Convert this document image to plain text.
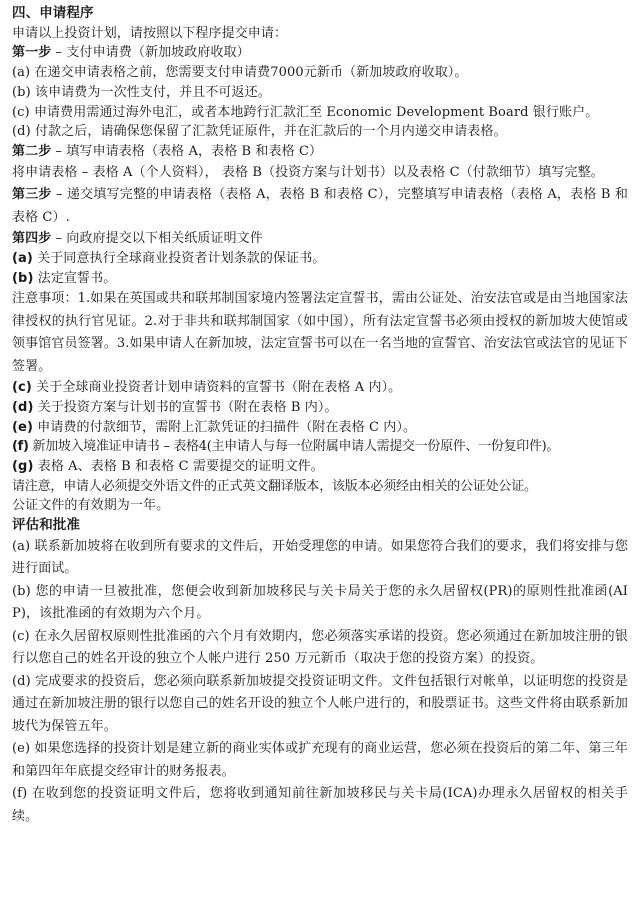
四、申请程序
申请以上投资计划，请按照以下程序提交申请：
第一步 – 支付申请费（新加坡政府收取）
(a) 在递交申请表格之前，您需要支付申请费7000元新币（新加坡政府收取）。
(b) 该申请费为一次性支付，并且不可返还。
(c) 申请费用需通过海外电汇，或者本地跨行汇款汇至 Economic Development Board 银行账户。
(d) 付款之后，请确保您保留了汇款凭证原件，并在汇款后的一个月内递交申请表格。
第二步 – 填写申请表格（表格 A，表格 B 和表格 C）
将申请表格 – 表格 A（个人资料）， 表格 B（投资方案与计划书）以及表格 C（付款细节）填写完整。
第三步 – 递交填写完整的申请表格（表格 A，表格 B 和表格 C），完整填写申请表格（表格 A，表格 B 和表格 C）.
第四步 – 向政府提交以下相关纸质证明文件
(a) 关于同意执行全球商业投资者计划条款的保证书。
(b) 法定宣誓书。
注意事项：1.如果在英国或共和联邦制国家境内签署法定宣誓书，需由公证处、治安法官或是由当地国家法律授权的执行官见证。2.对于非共和联邦制国家（如中国），所有法定宣誓书必须由授权的新加坡大使馆或领事馆官员签署。3.如果申请人在新加坡，法定宣誓书可以在一名当地的宣誓官、治安法官或法官的见证下签署。
(c) 关于全球商业投资者计划申请资料的宣誓书（附在表格 A 内）。
(d) 关于投资方案与计划书的宣誓书（附在表格 B 内）。
(e) 申请费的付款细节，需附上汇款凭证的扫描件（附在表格 C 内）。
(f) 新加坡入境准证申请书 – 表格4(主申请人与每一位附属申请人需提交一份原件、一份复印件)。
(g) 表格 A、表格 B 和表格 C 需要提交的证明文件。
请注意，申请人必须提交外语文件的正式英文翻译版本，该版本必须经由相关的公证处公证。
公证文件的有效期为一年。
评估和批准
(a) 联系新加坡将在收到所有要求的文件后，开始受理您的申请。如果您符合我们的要求，我们将安排与您进行面试。
(b) 您的申请一旦被批准，您便会收到新加坡移民与关卡局关于您的永久居留权(PR)的原则性批准函(AIP)，该批准函的有效期为六个月。
(c) 在永久居留权原则性批准函的六个月有效期内，您必须落实承诺的投资。您必须通过在新加坡注册的银行以您自己的姓名开设的独立个人帐户进行 250 万元新币（取决于您的投资方案）的投资。
(d) 完成要求的投资后，您必须向联系新加坡提交投资证明文件。文件包括银行对帐单，以证明您的投资是通过在新加坡注册的银行以您自己的姓名开设的独立个人帐户进行的，和股票证书。这些文件将由联系新加坡代为保管五年。
(e) 如果您选择的投资计划是建立新的商业实体或扩充现有的商业运营，您必须在投资后的第二年、第三年和第四年年底提交经审计的财务报表。
(f) 在收到您的投资证明文件后，您将收到通知前往新加坡移民与关卡局(ICA)办理永久居留权的相关手续。
